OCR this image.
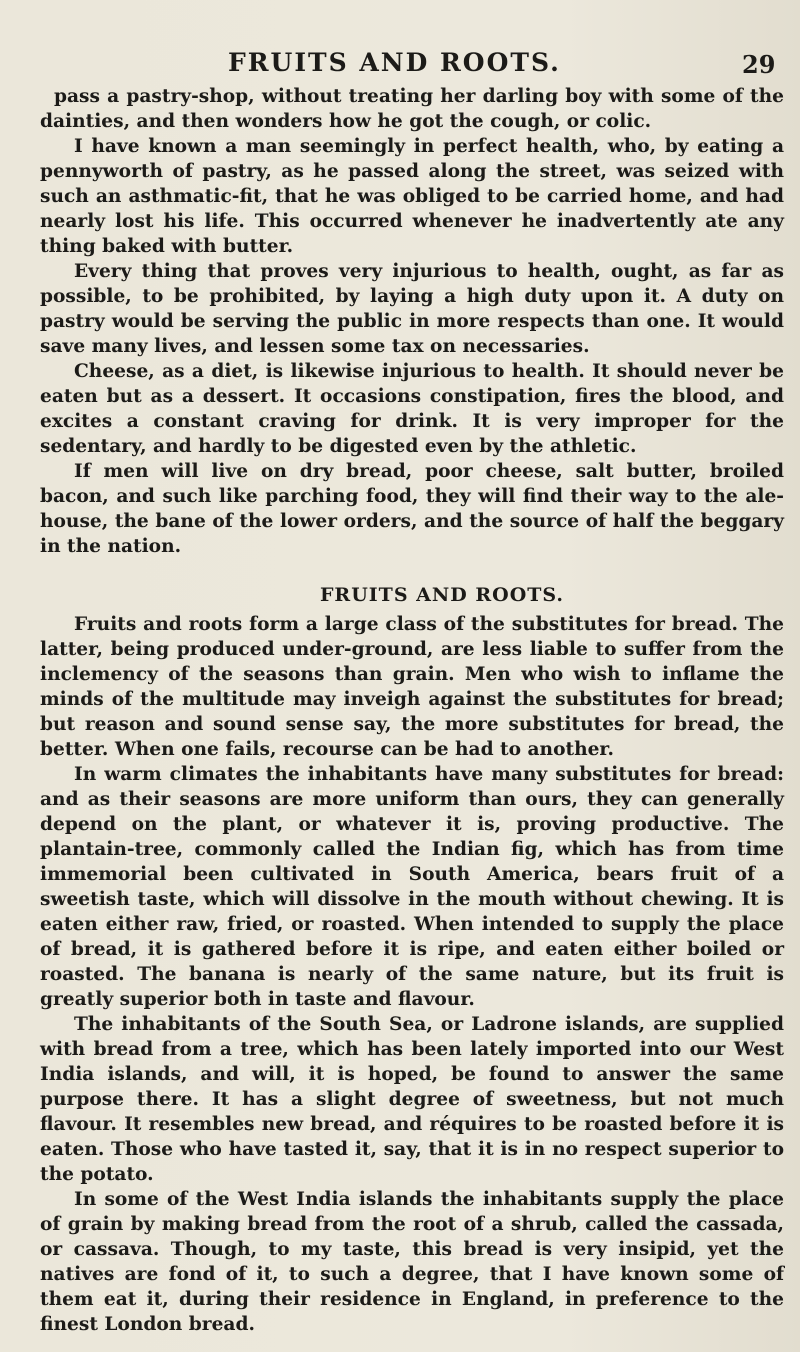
FRUITS AND ROOTS.	29

pass a pastry-shop, without treating her darling boy with some of the dainties, and then wonders how he got the cough, or colic.

I have known a man seemingly in perfect health, who, by eating a pennyworth of pastry, as he passed along the street, was seized with such an asthmatic-fit, that he was obliged to be carried home, and had nearly lost his life. This occurred whenever he inadvertently ate any thing baked with butter.

Every thing that proves very injurious to health, ought, as far as possible, to be prohibited, by laying a high duty upon it. A duty on pastry would be serving the public in more respects than one. It would save many lives, and lessen some tax on necessaries.

Cheese, as a diet, is likewise injurious to health. It should never be eaten but as a dessert. It occasions constipation, fires the blood, and excites a constant craving for drink. It is very improper for the sedentary, and hardly to be digested even by the athletic.

If men will live on dry bread, poor cheese, salt butter, broiled bacon, and such like parching food, they will find their way to the ale-house, the bane of the lower orders, and the source of half the beggary in the nation.

FRUITS AND ROOTS.

Fruits and roots form a large class of the substitutes for bread. The latter, being produced under-ground, are less liable to suffer from the inclemency of the seasons than grain. Men who wish to inflame the minds of the multitude may inveigh against the substitutes for bread; but reason and sound sense say, the more substitutes for bread, the better. When one fails, recourse can be had to another.

In warm climates the inhabitants have many substitutes for bread: and as their seasons are more uniform than ours, they can generally depend on the plant, or whatever it is, proving productive. The plantain-tree, commonly called the Indian fig, which has from time immemorial been cultivated in South America, bears fruit of a sweetish taste, which will dissolve in the mouth without chewing. It is eaten either raw, fried, or roasted. When intended to supply the place of bread, it is gathered before it is ripe, and eaten either boiled or roasted. The banana is nearly of the same nature, but its fruit is greatly superior both in taste and flavour.

The inhabitants of the South Sea, or Ladrone islands, are supplied with bread from a tree, which has been lately imported into our West India islands, and will, it is hoped, be found to answer the same purpose there. It has a slight degree of sweetness, but not much flavour. It resembles new bread, and réquires to be roasted before it is eaten. Those who have tasted it, say, that it is in no respect superior to the potato.

In some of the West India islands the inhabitants supply the place of grain by making bread from the root of a shrub, called the cassada, or cassava. Though, to my taste, this bread is very insipid, yet the natives are fond of it, to such a degree, that I have known some of them eat it, during their residence in England, in preference to the finest London bread.
